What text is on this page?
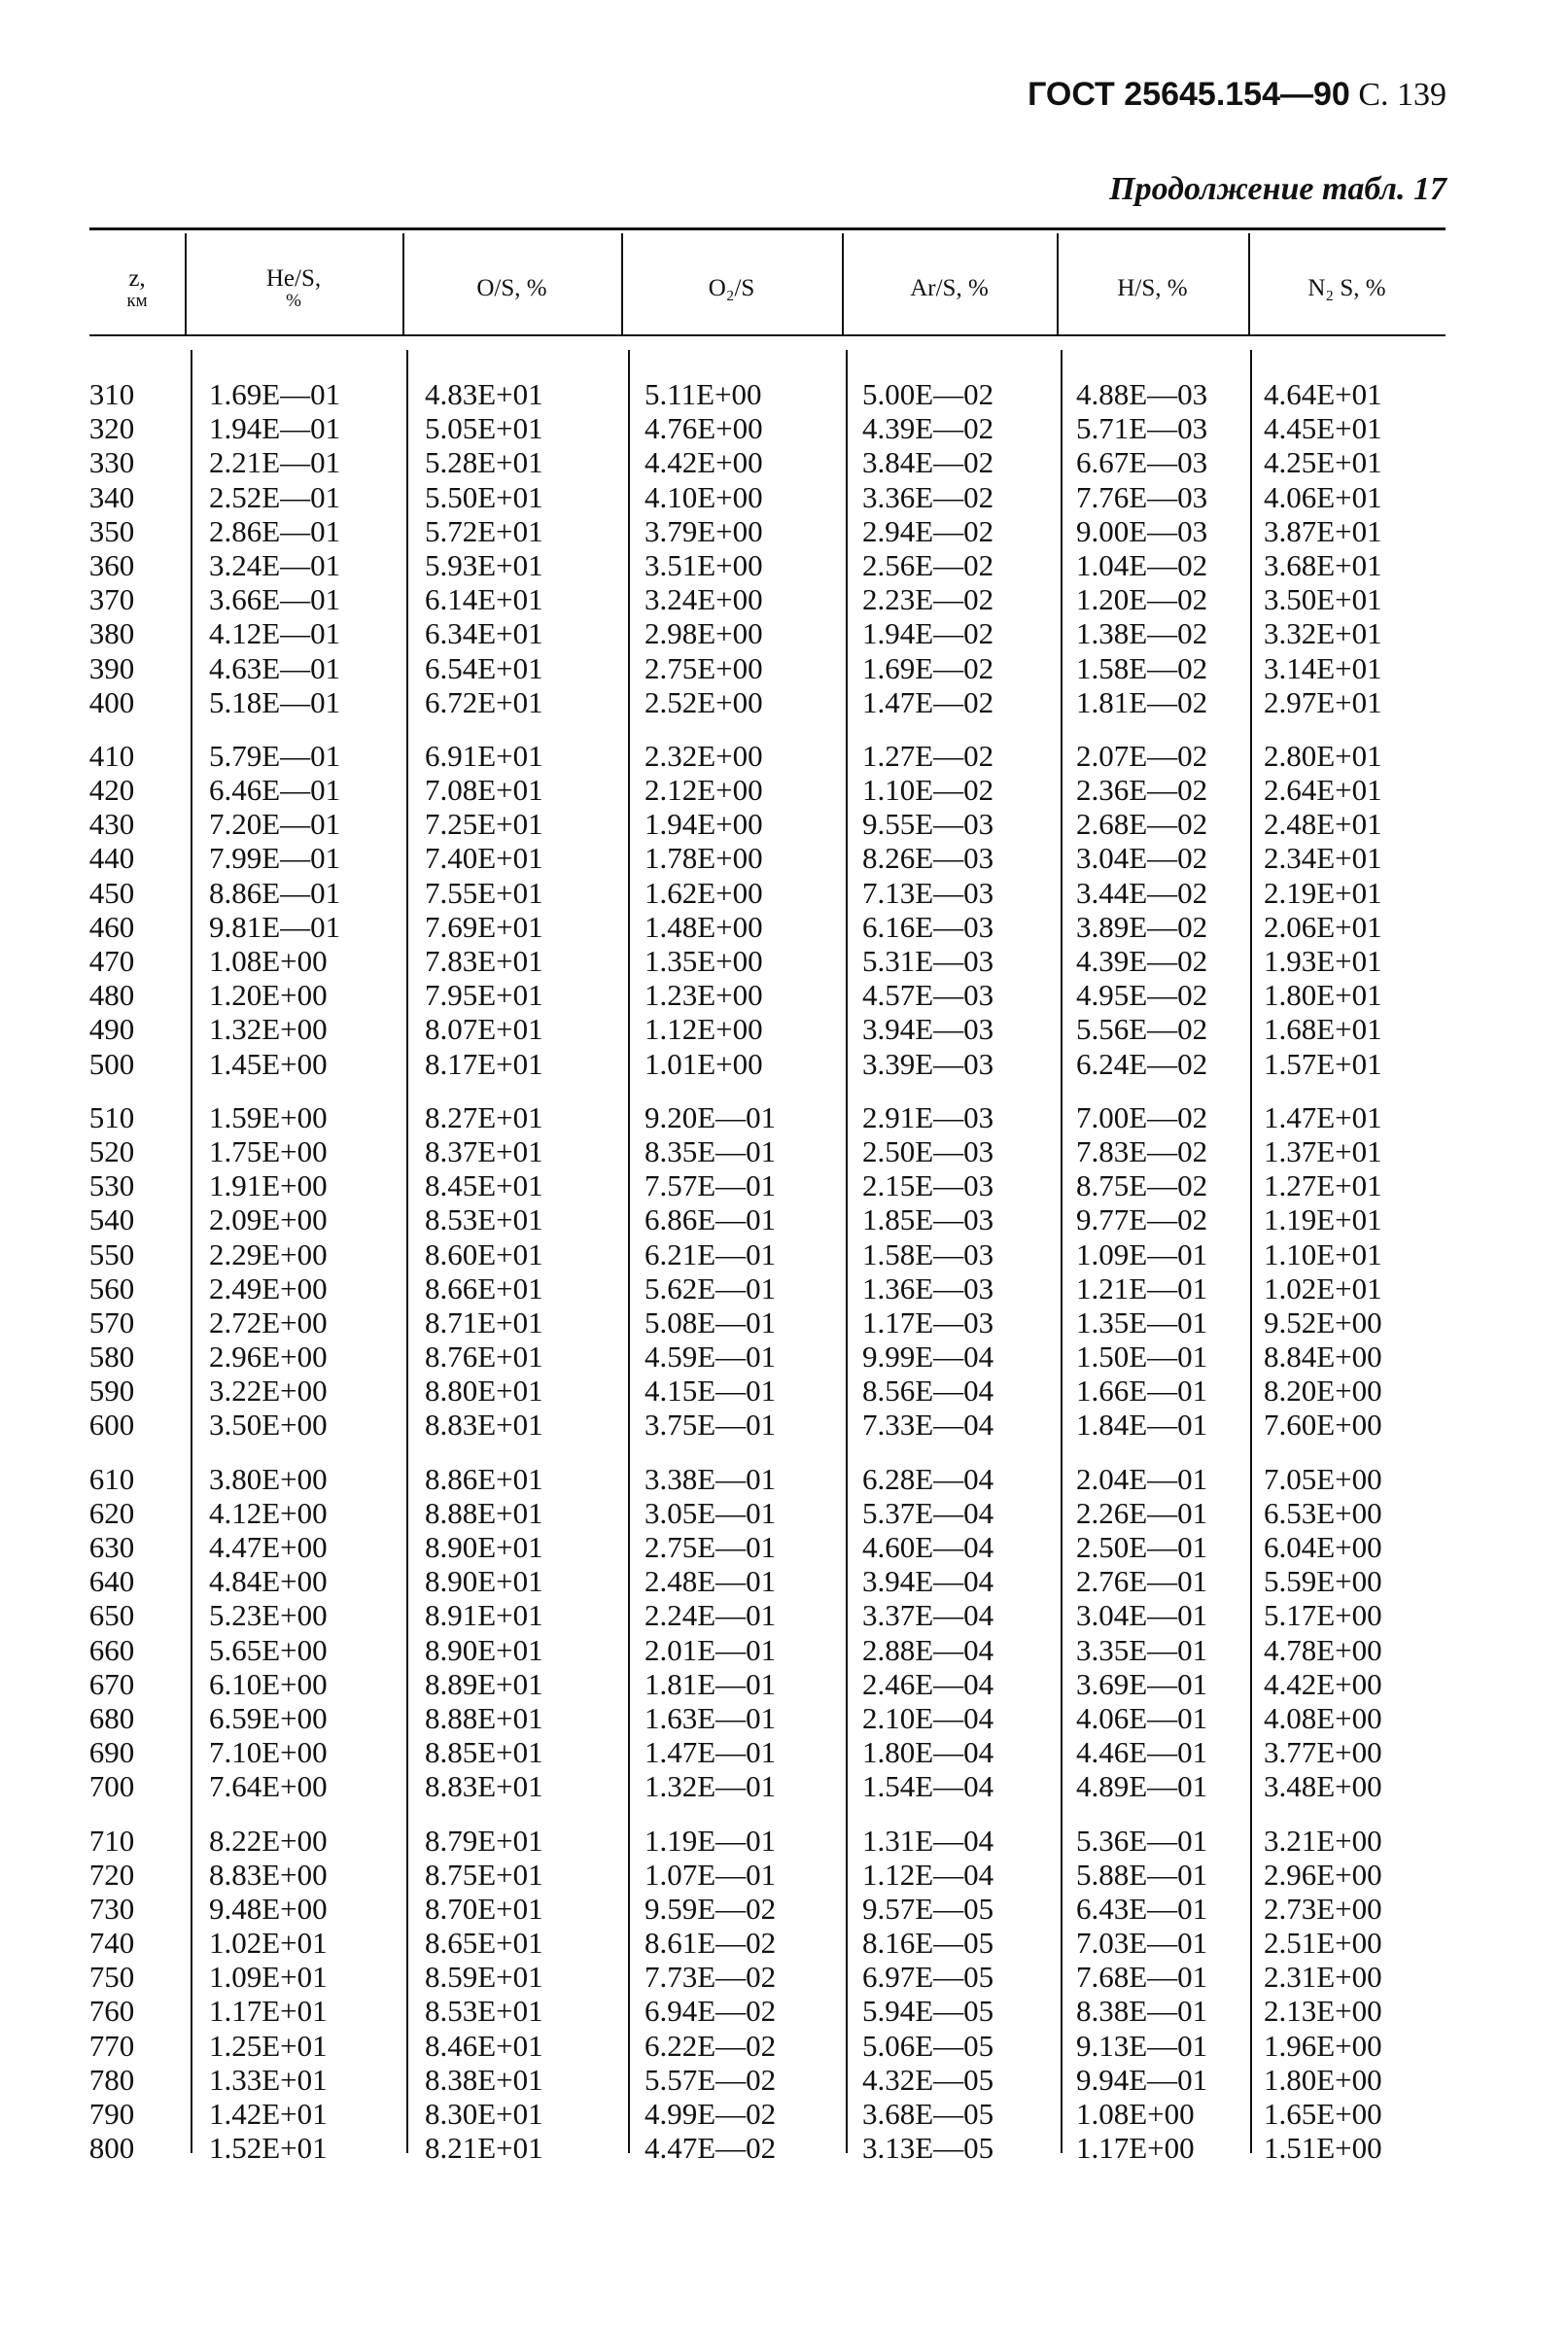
ГОСТ 25645.154—90 С. 139
Продолжение табл. 17
z,
км
He/S,
%	O/S, %	O₂/S	Ar/S, %	H/S, %	N₂ S, %
310	1.69E—01	4.83E+01	5.11E+00	5.00E—02	4.88E—03 4.64E+01
320	1.94E—01	5.05E+01	4.76E+00	4.39E—02	5.71E—03 4.45E+01
330	2.21E—01	5.28E+01	4.42E+00	3.84E—02	6.67E—03 4.25E+01
340	2.52E—01	5.50E+01	4.10E+00	3.36E—02	7.76E—03 4.06E+01
350	2.86E—01	5.72E+01	3.79E+00	2.94E—02	9.00E—03 3.87E+01
360	3.24E—01	5.93E+01	3.51E+00	2.56E—02	1.04E—02 3.68E+01
370	3.66E—01	6.14E+01	3.24E+00	2.23E—02	1.20E—02 3.50E+01
380	4.12E—01	6.34E+01	2.98E+00	1.94E—02	1.38E—02 3.32E+01
390	4.63E—01	6.54E+01	2.75E+00	1.69E—02	1.58E—02 3.14E+01
400	5.18E—01	6.72E+01	2.52E+00	1.47E—02	1.81E—02 2.97E+01
410	5.79E—01	6.91E+01	2.32E+00	1.27E—02	2.07E—02 2.80E+01
420	6.46E—01	7.08E+01	2.12E+00	1.10E—02	2.36E—02 2.64E+01
430	7.20E—01	7.25E+01	1.94E+00	9.55E—03	2.68E—02 2.48E+01
440	7.99E—01	7.40E+01	1.78E+00	8.26E—03	3.04E—02 2.34E+01
450	8.86E—01	7.55E+01	1.62E+00	7.13E—03	3.44E—02 2.19E+01
460	9.81E—01	7.69E+01	1.48E+00	6.16E—03	3.89E—02 2.06E+01
470	1.08E+00	7.83E+01	1.35E+00	5.31E—03	4.39E—02 1.93E+01
480	1.20E+00	7.95E+01	1.23E+00	4.57E—03	4.95E—02 1.80E+01
490	1.32E+00	8.07E+01	1.12E+00	3.94E—03	5.56E—02 1.68E+01
500	1.45E+00	8.17E+01	1.01E+00	3.39E—03	6.24E—02 1.57E+01
510	1.59E+00	8.27E+01	9.20E—01	2.91E—03	7.00E—02 1.47E+01
520	1.75E+00	8.37E+01	8.35E—01	2.50E—03	7.83E—02 1.37E+01
530	1.91E+00	8.45E+01	7.57E—01	2.15E—03	8.75E—02 1.27E+01
540	2.09E+00	8.53E+01	6.86E—01	1.85E—03	9.77E—02 1.19E+01
550	2.29E+00	8.60E+01	6.21E—01	1.58E—03	1.09E—01 1.10E+01
560	2.49E+00	8.66E+01	5.62E—01	1.36E—03	1.21E—01 1.02E+01
570	2.72E+00	8.71E+01	5.08E—01	1.17E—03	1.35E—01 9.52E+00
580	2.96E+00	8.76E+01	4.59E—01	9.99E—04	1.50E—01 8.84E+00
590	3.22E+00	8.80E+01	4.15E—01	8.56E—04	1.66E—01 8.20E+00
600	3.50E+00	8.83E+01	3.75E—01	7.33E—04	1.84E—01 7.60E+00
610	3.80E+00	8.86E+01	3.38E—01	6.28E—04	2.04E—01 7.05E+00
620	4.12E+00	8.88E+01	3.05E—01	5.37E—04	2.26E—01 6.53E+00
630	4.47E+00	8.90E+01	2.75E—01	4.60E—04	2.50E—01 6.04E+00
640	4.84E+00	8.90E+01	2.48E—01	3.94E—04	2.76E—01 5.59E+00
650	5.23E+00	8.91E+01	2.24E—01	3.37E—04	3.04E—01 5.17E+00
660	5.65E+00	8.90E+01	2.01E—01	2.88E—04	3.35E—01 4.78E+00
670	6.10E+00	8.89E+01	1.81E—01	2.46E—04	3.69E—01 4.42E+00
680	6.59E+00	8.88E+01	1.63E—01	2.10E—04	4.06E—01 4.08E+00
690	7.10E+00	8.85E+01	1.47E—01	1.80E—04	4.46E—01 3.77E+00
700	7.64E+00	8.83E+01	1.32E—01	1.54E—04	4.89E—01 3.48E+00
710	8.22E+00	8.79E+01	1.19E—01	1.31E—04	5.36E—01 3.21E+00
720	8.83E+00	8.75E+01	1.07E—01	1.12E—04	5.88E—01 2.96E+00
730	9.48E+00	8.70E+01	9.59E—02	9.57E—05	6.43E—01 2.73E+00
740	1.02E+01	8.65E+01	8.61E—02	8.16E—05	7.03E—01 2.51E+00
750	1.09E+01	8.59E+01	7.73E—02	6.97E—05	7.68E—01 2.31E+00
760	1.17E+01	8.53E+01	6.94E—02	5.94E—05	8.38E—01 2.13E+00
770	1.25E+01	8.46E+01	6.22E—02	5.06E—05	9.13E—01 1.96E+00
780	1.33E+01	8.38E+01	5.57E—02	4.32E—05	9.94E—01 1.80E+00
790	1.42E+01	8.30E+01	4.99E—02	3.68E—05	1.08E+00 1.65E+00
800	1.52E+01	8.21E+01	4.47E—02	3.13E—05	1.17E+00 1.51E+00
